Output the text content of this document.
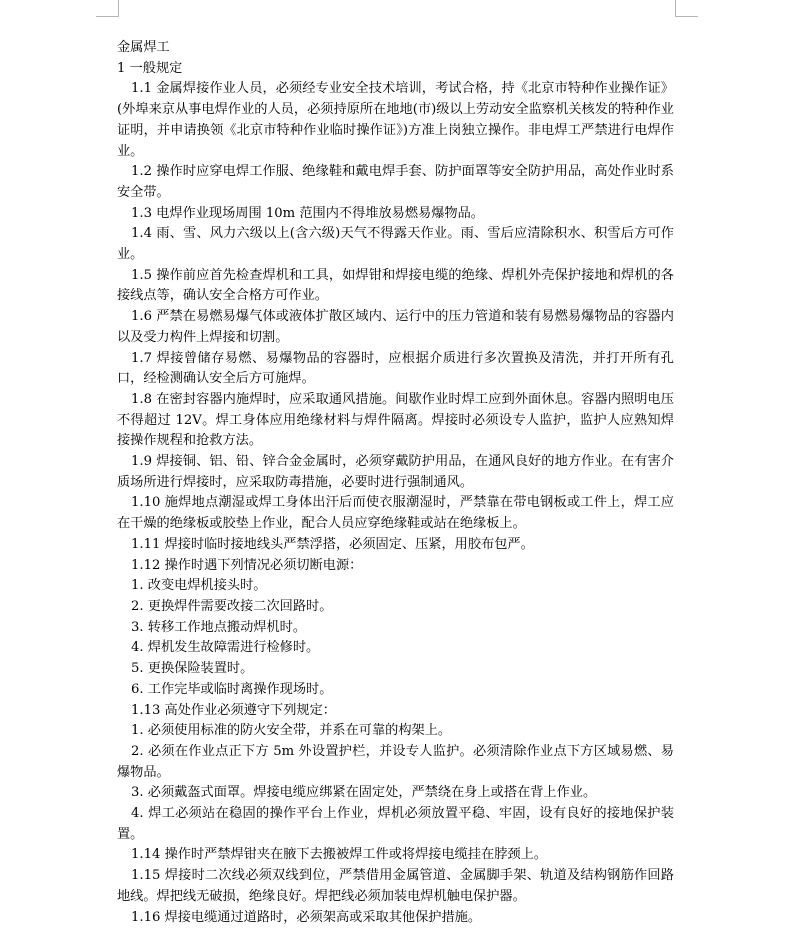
金属焊工
1 一般规定

1.1 金属焊接作业人员，必须经专业安全技术培训，考试合格，持《北京市特种作业操作证》(外埠来京从事电焊作业的人员，必须持原所在地地(市)级以上劳动安全监察机关核发的特种作业证明，并申请换领《北京市特种作业临时操作证》)方准上岗独立操作。非电焊工严禁进行电焊作业。

1.2 操作时应穿电焊工作服、绝缘鞋和戴电焊手套、防护面罩等安全防护用品，高处作业时系安全带。

1.3 电焊作业现场周围 10m 范围内不得堆放易燃易爆物品。

1.4 雨、雪、风力六级以上(含六级)天气不得露天作业。雨、雪后应清除积水、积雪后方可作业。

1.5 操作前应首先检查焊机和工具，如焊钳和焊接电缆的绝缘、焊机外壳保护接地和焊机的各接线点等，确认安全合格方可作业。

1.6 严禁在易燃易爆气体或液体扩散区域内、运行中的压力管道和装有易燃易爆物品的容器内以及受力构件上焊接和切割。

1.7 焊接曾储存易燃、易爆物品的容器时，应根据介质进行多次置换及清洗，并打开所有孔口，经检测确认安全后方可施焊。

1.8 在密封容器内施焊时，应采取通风措施。间歇作业时焊工应到外面休息。容器内照明电压不得超过 12V。焊工身体应用绝缘材料与焊件隔离。焊接时必须设专人监护，监护人应熟知焊接操作规程和抢救方法。

1.9 焊接铜、铝、铅、锌合金金属时，必须穿戴防护用品，在通风良好的地方作业。在有害介质场所进行焊接时，应采取防毒措施，必要时进行强制通风。

1.10 施焊地点潮湿或焊工身体出汗后而使衣服潮湿时，严禁靠在带电钢板或工件上，焊工应在干燥的绝缘板或胶垫上作业，配合人员应穿绝缘鞋或站在绝缘板上。

1.11 焊接时临时接地线头严禁浮搭，必须固定、压紧，用胶布包严。

1.12 操作时遇下列情况必须切断电源：

1. 改变电焊机接头时。

2. 更换焊件需要改接二次回路时。

3. 转移工作地点搬动焊机时。

4. 焊机发生故障需进行检修时。

5. 更换保险装置时。

6. 工作完毕或临时离操作现场时。

1.13 高处作业必须遵守下列规定：

1. 必须使用标准的防火安全带，并系在可靠的构架上。

2. 必须在作业点正下方 5m 外设置护栏，并设专人监护。必须清除作业点下方区域易燃、易爆物品。

3. 必须戴盔式面罩。焊接电缆应绑紧在固定处，严禁绕在身上或搭在背上作业。

4. 焊工必须站在稳固的操作平台上作业，焊机必须放置平稳、牢固，设有良好的接地保护装置。

1.14 操作时严禁焊钳夹在腋下去搬被焊工件或将焊接电缆挂在脖颈上。

1.15 焊接时二次线必须双线到位，严禁借用金属管道、金属脚手架、轨道及结构钢筋作回路地线。焊把线无破损，绝缘良好。焊把线必须加装电焊机触电保护器。

1.16 焊接电缆通过道路时，必须架高或采取其他保护措施。
